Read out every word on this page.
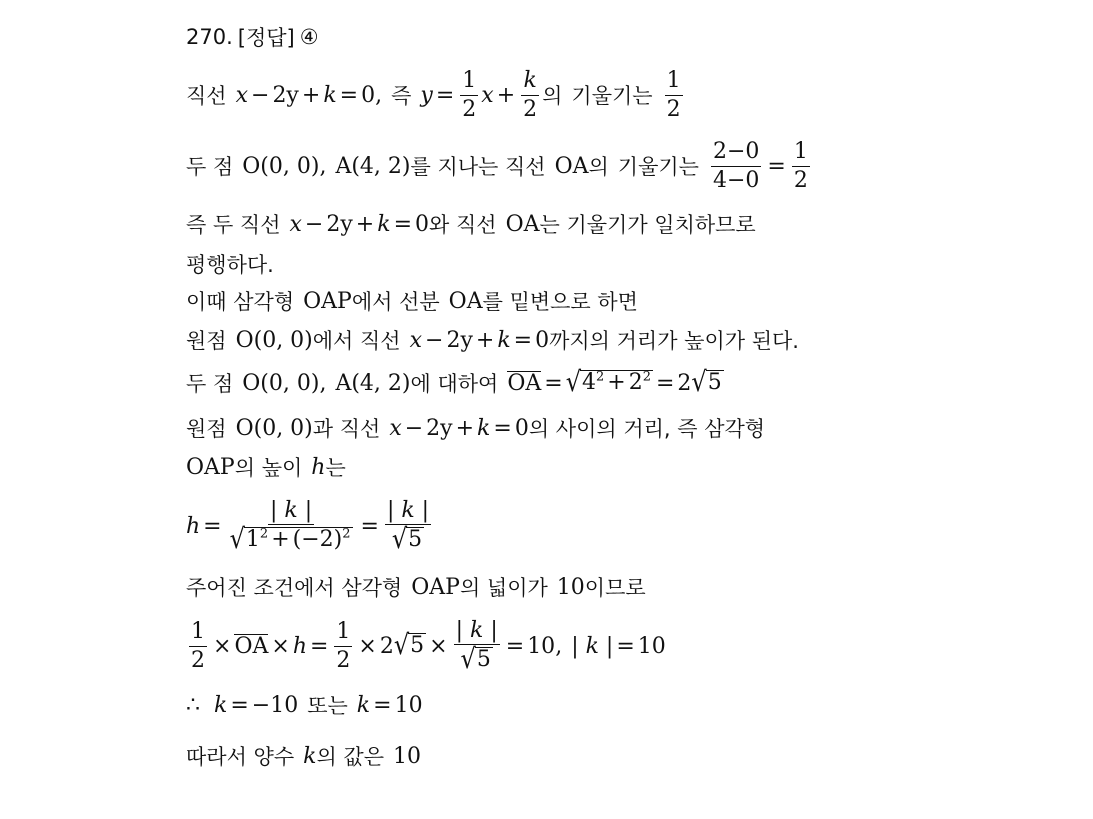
270. [정답] ④
직선 x − 2y + k = 0 , 즉 $y = \frac{1}{2}$ $x + \frac{k}{2}$ 의 기울기는 $\frac{1}{2}$
두 점 O(0, 0) , A(4, 2) 를 지나는 직선 OA 의 기울기는 $\frac{2-0}{4-0} = \frac{1}{2}$
즉 두 직선 x − 2y + k = 0 와 직선 OA 는 기울기가 일치하므로
평행하다.
이때 삼각형 OAP 에서 선분 OA 를 밑변으로 하면
원점 O(0, 0) 에서 직선 x − 2y + k = 0 까지의 거리가 높이가 된다.
두 점 O(0, 0) , A(4, 2) 에 대하여 OA = √ $4^2 + 2^2 = 2$ √ 5
원점 O(0, 0) 과 직선 x − 2y + k = 0 의 사이의 거리, 즉 삼각형
OAP 의 높이 h 는
$h = \frac{| k |}{√ 1^2 + (-2)^2} = \frac{| k |}{√ 5}$
주어진 조건에서 삼각형 OAP 의 넓이가 10 이므로
$\frac{1}{2}$ × OA × $h = \frac{1}{2} \times 2$ √ $5 \times \frac{| k |}{√ 5} = 10$ , | k | = 10
∴ k = −10 또는 k = 10
따라서 양수 k 의 값은 10
